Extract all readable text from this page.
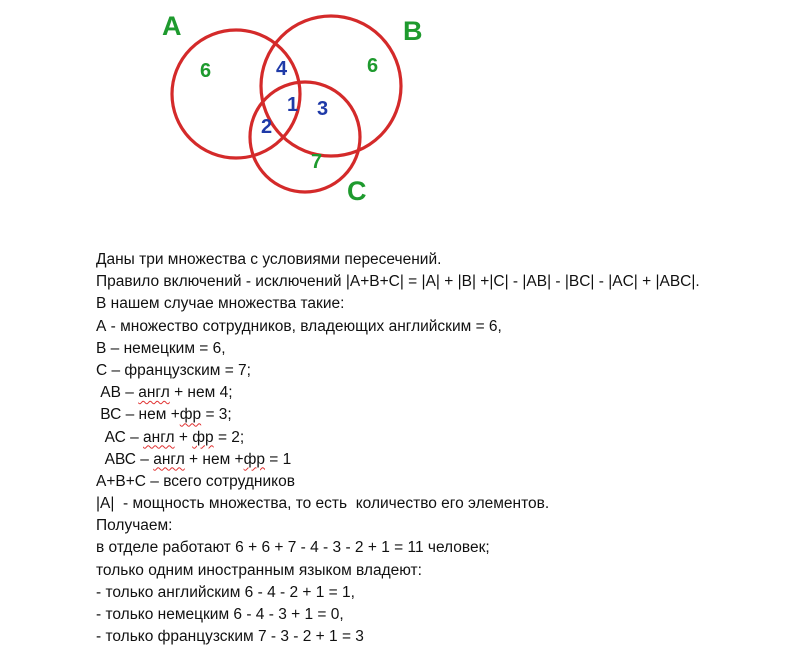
A	B
C
6	4	6
1 3
2
7
Даны три множества с условиями пересечений.
Правило включений - исключений |A+B+C| = |A| + |B| +|C| - |AB| - |BC| - |AC| + |ABC|.
В нашем случае множества такие:
А - множество сотрудников, владеющих английским = 6,
В – немецким = 6,
С – французским = 7;
АВ – англ + нем 4;
ВС – нем +фр = 3;
АС – англ + фр = 2;
АВС – англ + нем +фр = 1
А+В+С – всего сотрудников
|A|  - мощность множества, то есть  количество его элементов.
Получаем:
в отделе работают 6 + 6 + 7 - 4 - 3 - 2 + 1 = 11 человек;
только одним иностранным языком владеют:
- только английским 6 - 4 - 2 + 1 = 1,
- только немецким 6 - 4 - 3 + 1 = 0,
- только французским 7 - 3 - 2 + 1 = 3
